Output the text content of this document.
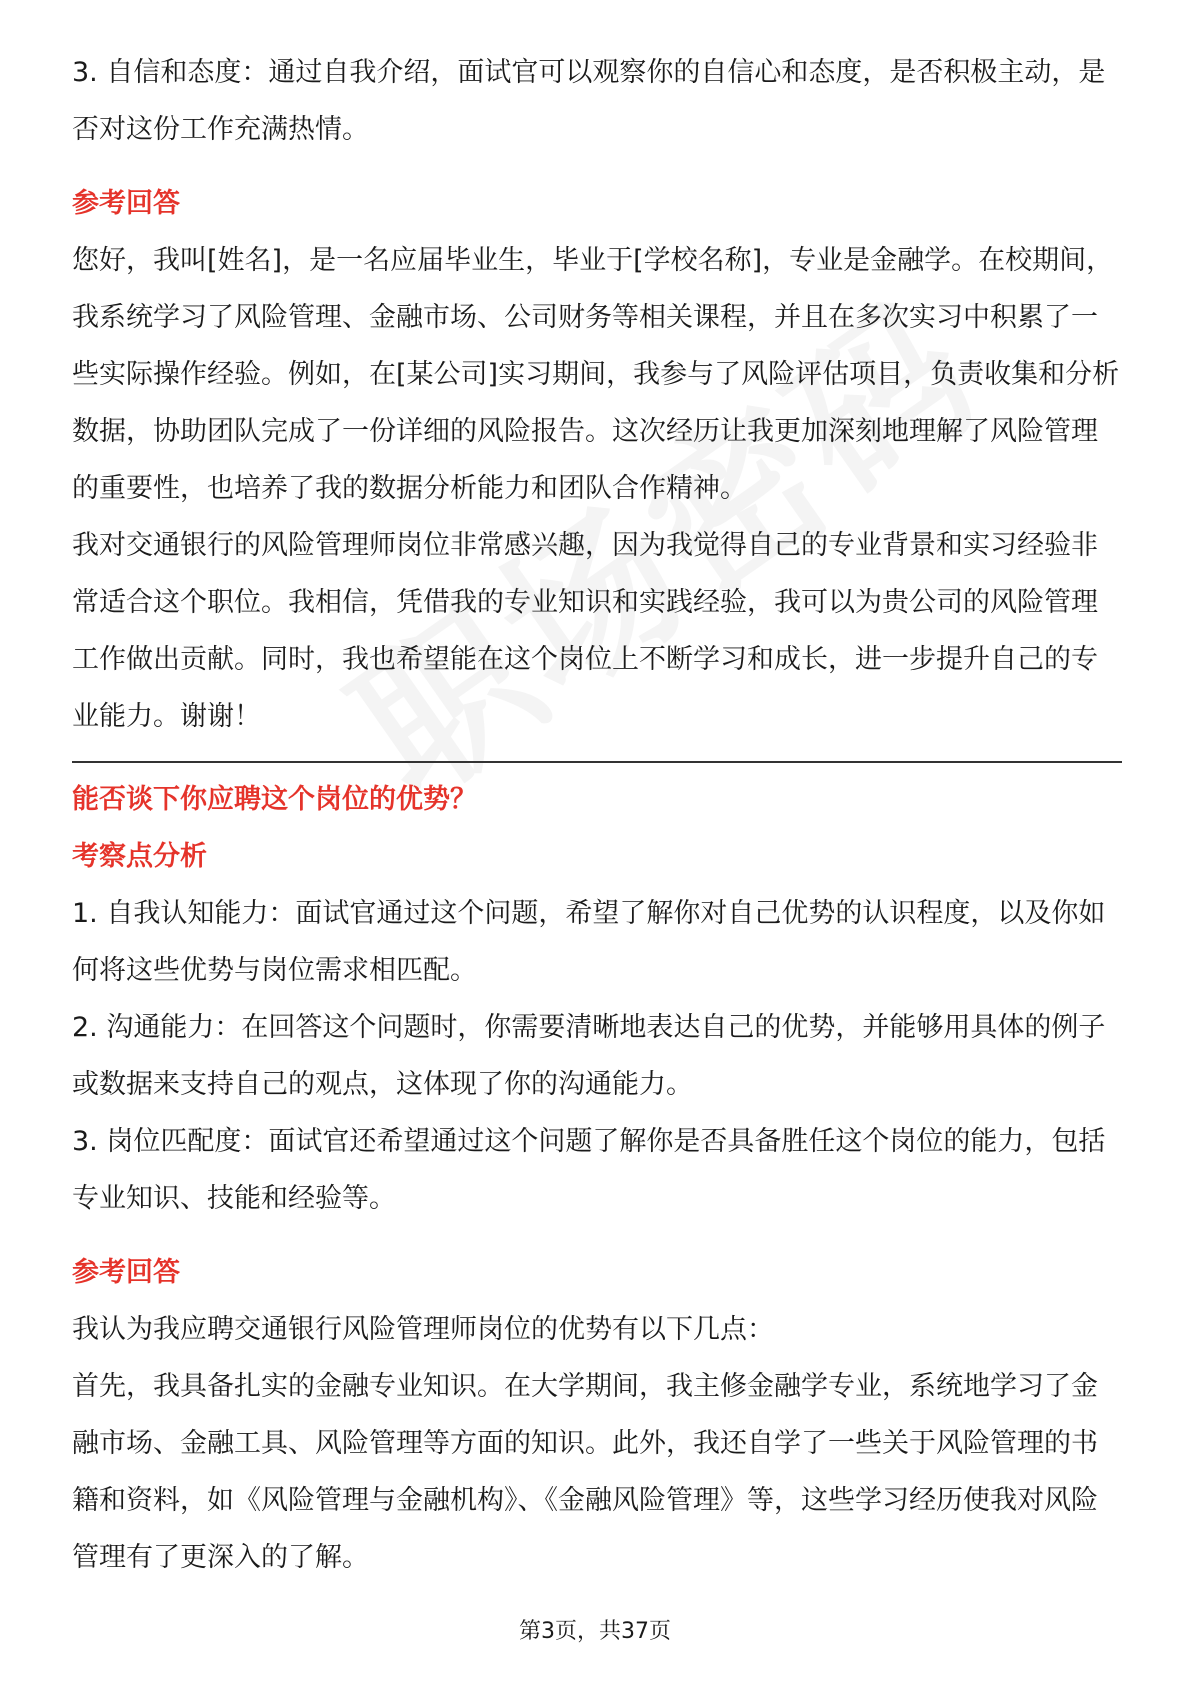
3. 自信和态度：通过自我介绍，面试官可以观察你的自信心和态度，是否积极主动，是否对这份工作充满热情。

参考回答

您好，我叫[姓名]，是一名应届毕业生，毕业于[学校名称]，专业是金融学。在校期间，我系统学习了风险管理、金融市场、公司财务等相关课程，并且在多次实习中积累了一些实际操作经验。例如，在[某公司]实习期间，我参与了风险评估项目，负责收集和分析数据，协助团队完成了一份详细的风险报告。这次经历让我更加深刻地理解了风险管理的重要性，也培养了我的数据分析能力和团队合作精神。

我对交通银行的风险管理师岗位非常感兴趣，因为我觉得自己的专业背景和实习经验非常适合这个职位。我相信，凭借我的专业知识和实践经验，我可以为贵公司的风险管理工作做出贡献。同时，我也希望能在这个岗位上不断学习和成长，进一步提升自己的专业能力。谢谢！

能否谈下你应聘这个岗位的优势？
考察点分析

1. 自我认知能力：面试官通过这个问题，希望了解你对自己优势的认识程度，以及你如何将这些优势与岗位需求相匹配。

2. 沟通能力：在回答这个问题时，你需要清晰地表达自己的优势，并能够用具体的例子或数据来支持自己的观点，这体现了你的沟通能力。

3. 岗位匹配度：面试官还希望通过这个问题了解你是否具备胜任这个岗位的能力，包括专业知识、技能和经验等。

参考回答

我认为我应聘交通银行风险管理师岗位的优势有以下几点：

首先，我具备扎实的金融专业知识。在大学期间，我主修金融学专业，系统地学习了金融市场、金融工具、风险管理等方面的知识。此外，我还自学了一些关于风险管理的书籍和资料，如《风险管理与金融机构》、《金融风险管理》等，这些学习经历使我对风险管理有了更深入的了解。

第3页，共37页
